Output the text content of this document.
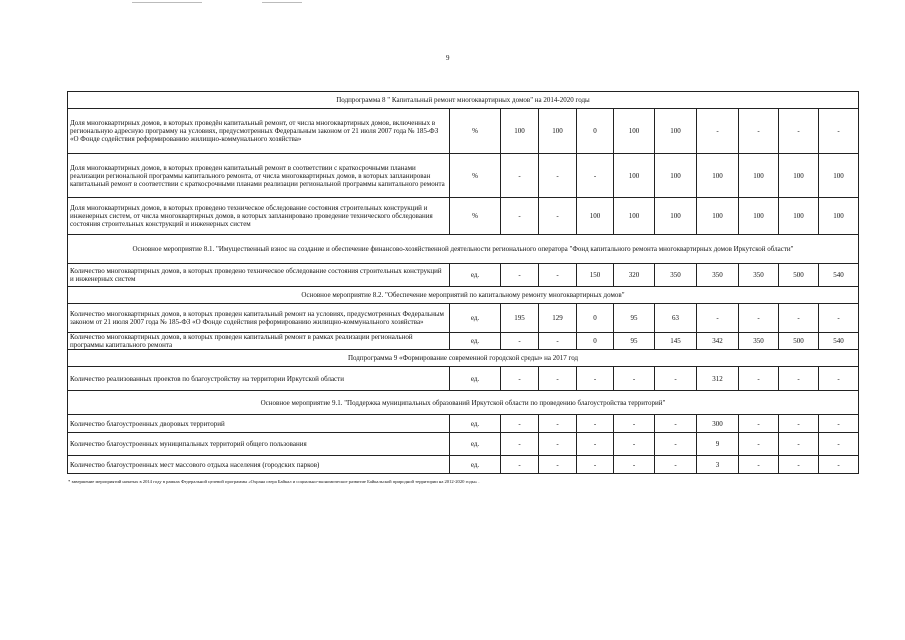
9
Подпрограмма 8 " Капитальный ремонт многоквартирных домов" на 2014-2020 годы										
Доля многоквартирных домов, в которых проведён капитальный ремонт, от числа многоквартирных домов, включенных в региональную адресную программу на условиях, предусмотренных Федеральным законом от 21 июля 2007 года № 185-ФЗ «О Фонде содействия реформированию жилищно-коммунального хозяйства»	%	100	100	0	100	100	-	-	-	-
Доля многоквартирных домов, в которых проведен капитальный ремонт в соответствии с краткосрочными планами реализации региональной программы капитального ремонта, от числа многоквартирных домов, в которых запланирован капитальный ремонт в соответствии с краткосрочными планами реализации региональной программы капитального ремонта	%	-	-	-	100	100	100	100	100	100
Доля многоквартирных домов, в которых проведено техническое обследование состояния строительных конструкций и инженерных систем, от числа многоквартирных домов, в которых запланировано проведение технического обследования состояния строительных конструкций и инженерных систем	%	-	-	100	100	100	100	100	100	100
Основное мероприятие 8.1. "Имущественный взнос на создание и обеспечение финансово-хозяйственной деятельности регионального оператора "Фонд капитального ремонта многоквартирных домов Иркутской области"										
Количество многоквартирных домов, в которых проведено техническое обследование состояния строительных конструкций и инженерных систем	ед.	-	-	150	320	350	350	350	500	540
Основное мероприятие 8.2. "Обеспечение мероприятий по капитальному ремонту многоквартирных домов"										
Количество многоквартирных домов, в которых проведен капитальный ремонт на условиях, предусмотренных Федеральным законом от 21 июля 2007 года № 185-ФЗ «О Фонде содействия реформированию жилищно-коммунального хозяйства»	ед.	195	129	0	95	63	-	-	-	-
Количество многоквартирных домов, в которых проведен капитальный ремонт в рамках реализации региональной программы капитального ремонта	ед.	-	-	0	95	145	342	350	500	540
Подпрограмма 9 «Формирование современной городской среды» на 2017 год										
Количество реализованных проектов по благоустройству на территории Иркутской области	ед.	-	-	-	-	-	312	-	-	-
Основное мероприятие 9.1. "Поддержка муниципальных образований Иркутской области по проведению благоустройства территорий"										
Количество благоустроенных дворовых территорий	ед.	-	-	-	-	-	300	-	-	-
Количество благоустроенных муниципальных территорий общего пользования	ед.	-	-	-	-	-	9	-	-	-
Количество благоустроенных мест массового отдыха населения (городских парков)	ед.	-	-	-	-	-	3	-	-	-
* завершение мероприятий начатых в 2014 году в рамках Федеральной целевой программы «Охрана озера Байкал и социально-экономическое развитие Байкальской природной территории на 2012-2020 годы» .
